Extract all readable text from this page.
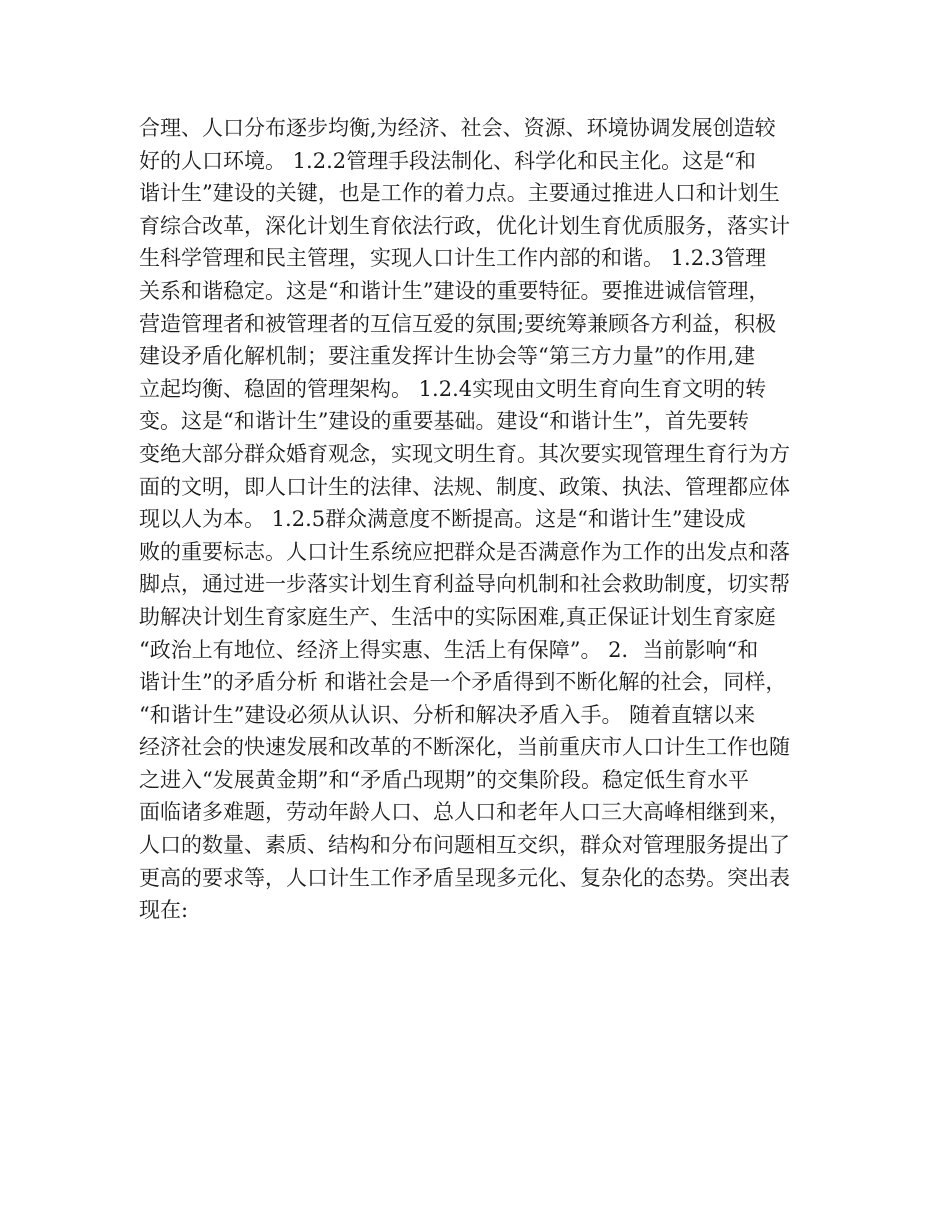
合理、人口分布逐步均衡,为经济、社会、资源、环境协调发展创造较
好的人口环境。 1.2.2管理手段法制化、科学化和民主化。这是“和
谐计生”建设的关键，也是工作的着力点。主要通过推进人口和计划生
育综合改革，深化计划生育依法行政，优化计划生育优质服务，落实计
生科学管理和民主管理，实现人口计生工作内部的和谐。 1.2.3管理
关系和谐稳定。这是“和谐计生”建设的重要特征。要推进诚信管理，
营造管理者和被管理者的互信互爱的氛围;要统筹兼顾各方利益，积极
建设矛盾化解机制；要注重发挥计生协会等“第三方力量”的作用,建
立起均衡、稳固的管理架构。 1.2.4实现由文明生育向生育文明的转
变。这是“和谐计生”建设的重要基础。建设“和谐计生”，首先要转
变绝大部分群众婚育观念，实现文明生育。其次要实现管理生育行为方
面的文明，即人口计生的法律、法规、制度、政策、执法、管理都应体
现以人为本。 1.2.5群众满意度不断提高。这是“和谐计生”建设成
败的重要标志。人口计生系统应把群众是否满意作为工作的出发点和落
脚点，通过进一步落实计划生育利益导向机制和社会救助制度，切实帮
助解决计划生育家庭生产、生活中的实际困难,真正保证计划生育家庭
“政治上有地位、经济上得实惠、生活上有保障”。 2．当前影响“和
谐计生”的矛盾分析 和谐社会是一个矛盾得到不断化解的社会，同样，
“和谐计生”建设必须从认识、分析和解决矛盾入手。 随着直辖以来
经济社会的快速发展和改革的不断深化，当前重庆市人口计生工作也随
之进入“发展黄金期”和“矛盾凸现期”的交集阶段。稳定低生育水平
面临诸多难题，劳动年龄人口、总人口和老年人口三大高峰相继到来，
人口的数量、素质、结构和分布问题相互交织，群众对管理服务提出了
更高的要求等，人口计生工作矛盾呈现多元化、复杂化的态势。突出表
现在:
